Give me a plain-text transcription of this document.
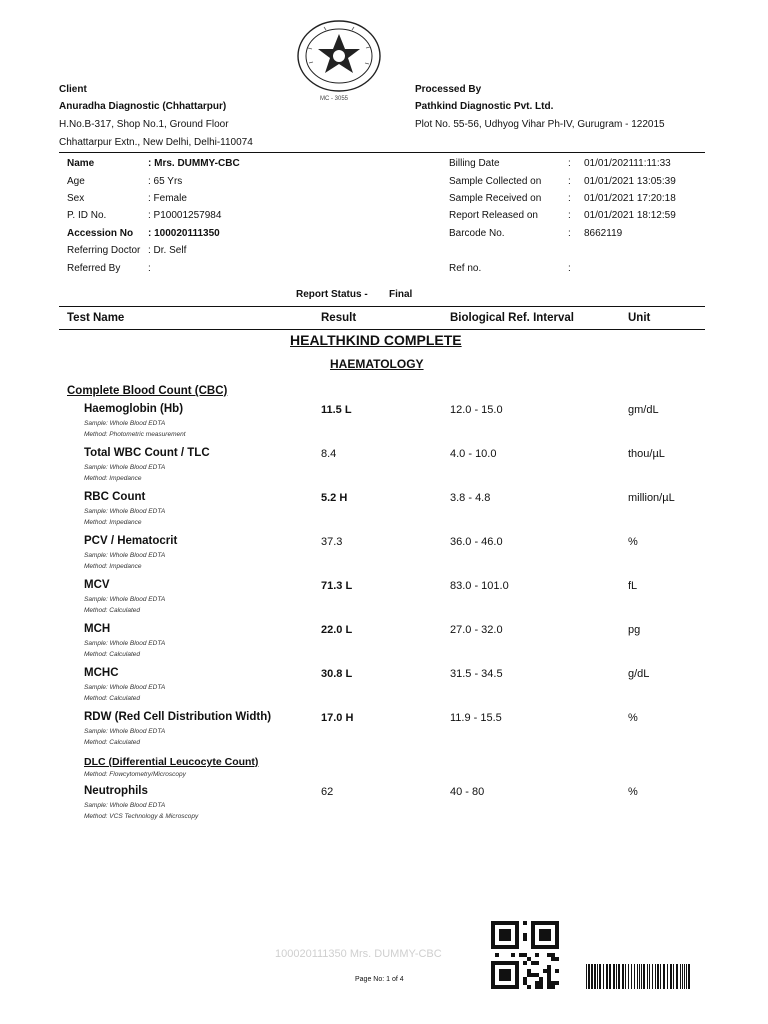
MC - 3055
Client
Anuradha Diagnostic (Chhattarpur)
H.No.B-317, Shop No.1, Ground Floor
Chhattarpur Extn., New Delhi, Delhi-110074
Processed By
Pathkind Diagnostic Pvt. Ltd.
Plot No. 55-56, Udhyog Vihar Ph-IV, Gurugram - 122015
Name	: Mrs. DUMMY-CBC
Age	: 65 Yrs
Sex	: Female
P. ID No.	: P10001257984
Accession No : 100020111350
Referring Doctor : Dr. Self
Referred By	:
Billing Date	: 01/01/202111:11:33
Sample Collected on	: 01/01/2021 13:05:39
Sample Received on	: 01/01/2021 17:20:18
Report Released on	: 01/01/2021 18:12:59
Barcode No.	: 8662119
Ref no.	:
Report Status - Final
Test Name	Result	Biological Ref. Interval	Unit
HEALTHKIND COMPLETE
HAEMATOLOGY
Complete Blood Count (CBC)
Haemoglobin (Hb)
Sample: Whole Blood EDTA
Method: Photometric measurement
11.5 L	12.0 - 15.0	gm/dL
Total WBC Count / TLC
Sample: Whole Blood EDTA
Method: Impedance
8.4	4.0 - 10.0	thou/µL
RBC Count
Sample: Whole Blood EDTA
Method: Impedance
5.2 H	3.8 - 4.8	million/µL
PCV / Hematocrit
Sample: Whole Blood EDTA
Method: Impedance
37.3	36.0 - 46.0	%
MCV
Sample: Whole Blood EDTA
Method: Calculated
71.3 L	83.0 - 101.0	fL
MCH
Sample: Whole Blood EDTA
Method: Calculated
22.0 L	27.0 - 32.0	pg
MCHC
Sample: Whole Blood EDTA
Method: Calculated
30.8 L	31.5 - 34.5	g/dL
RDW (Red Cell Distribution Width)
Sample: Whole Blood EDTA
Method: Calculated
17.0 H	11.9 - 15.5	%
DLC (Differential Leucocyte Count)
Method: Flowcytometry/Microscopy
Neutrophils
Sample: Whole Blood EDTA
Method: VCS Technology & Microscopy
62	40 - 80	%
100020111350 Mrs. DUMMY-CBC
Page No: 1 of 4
